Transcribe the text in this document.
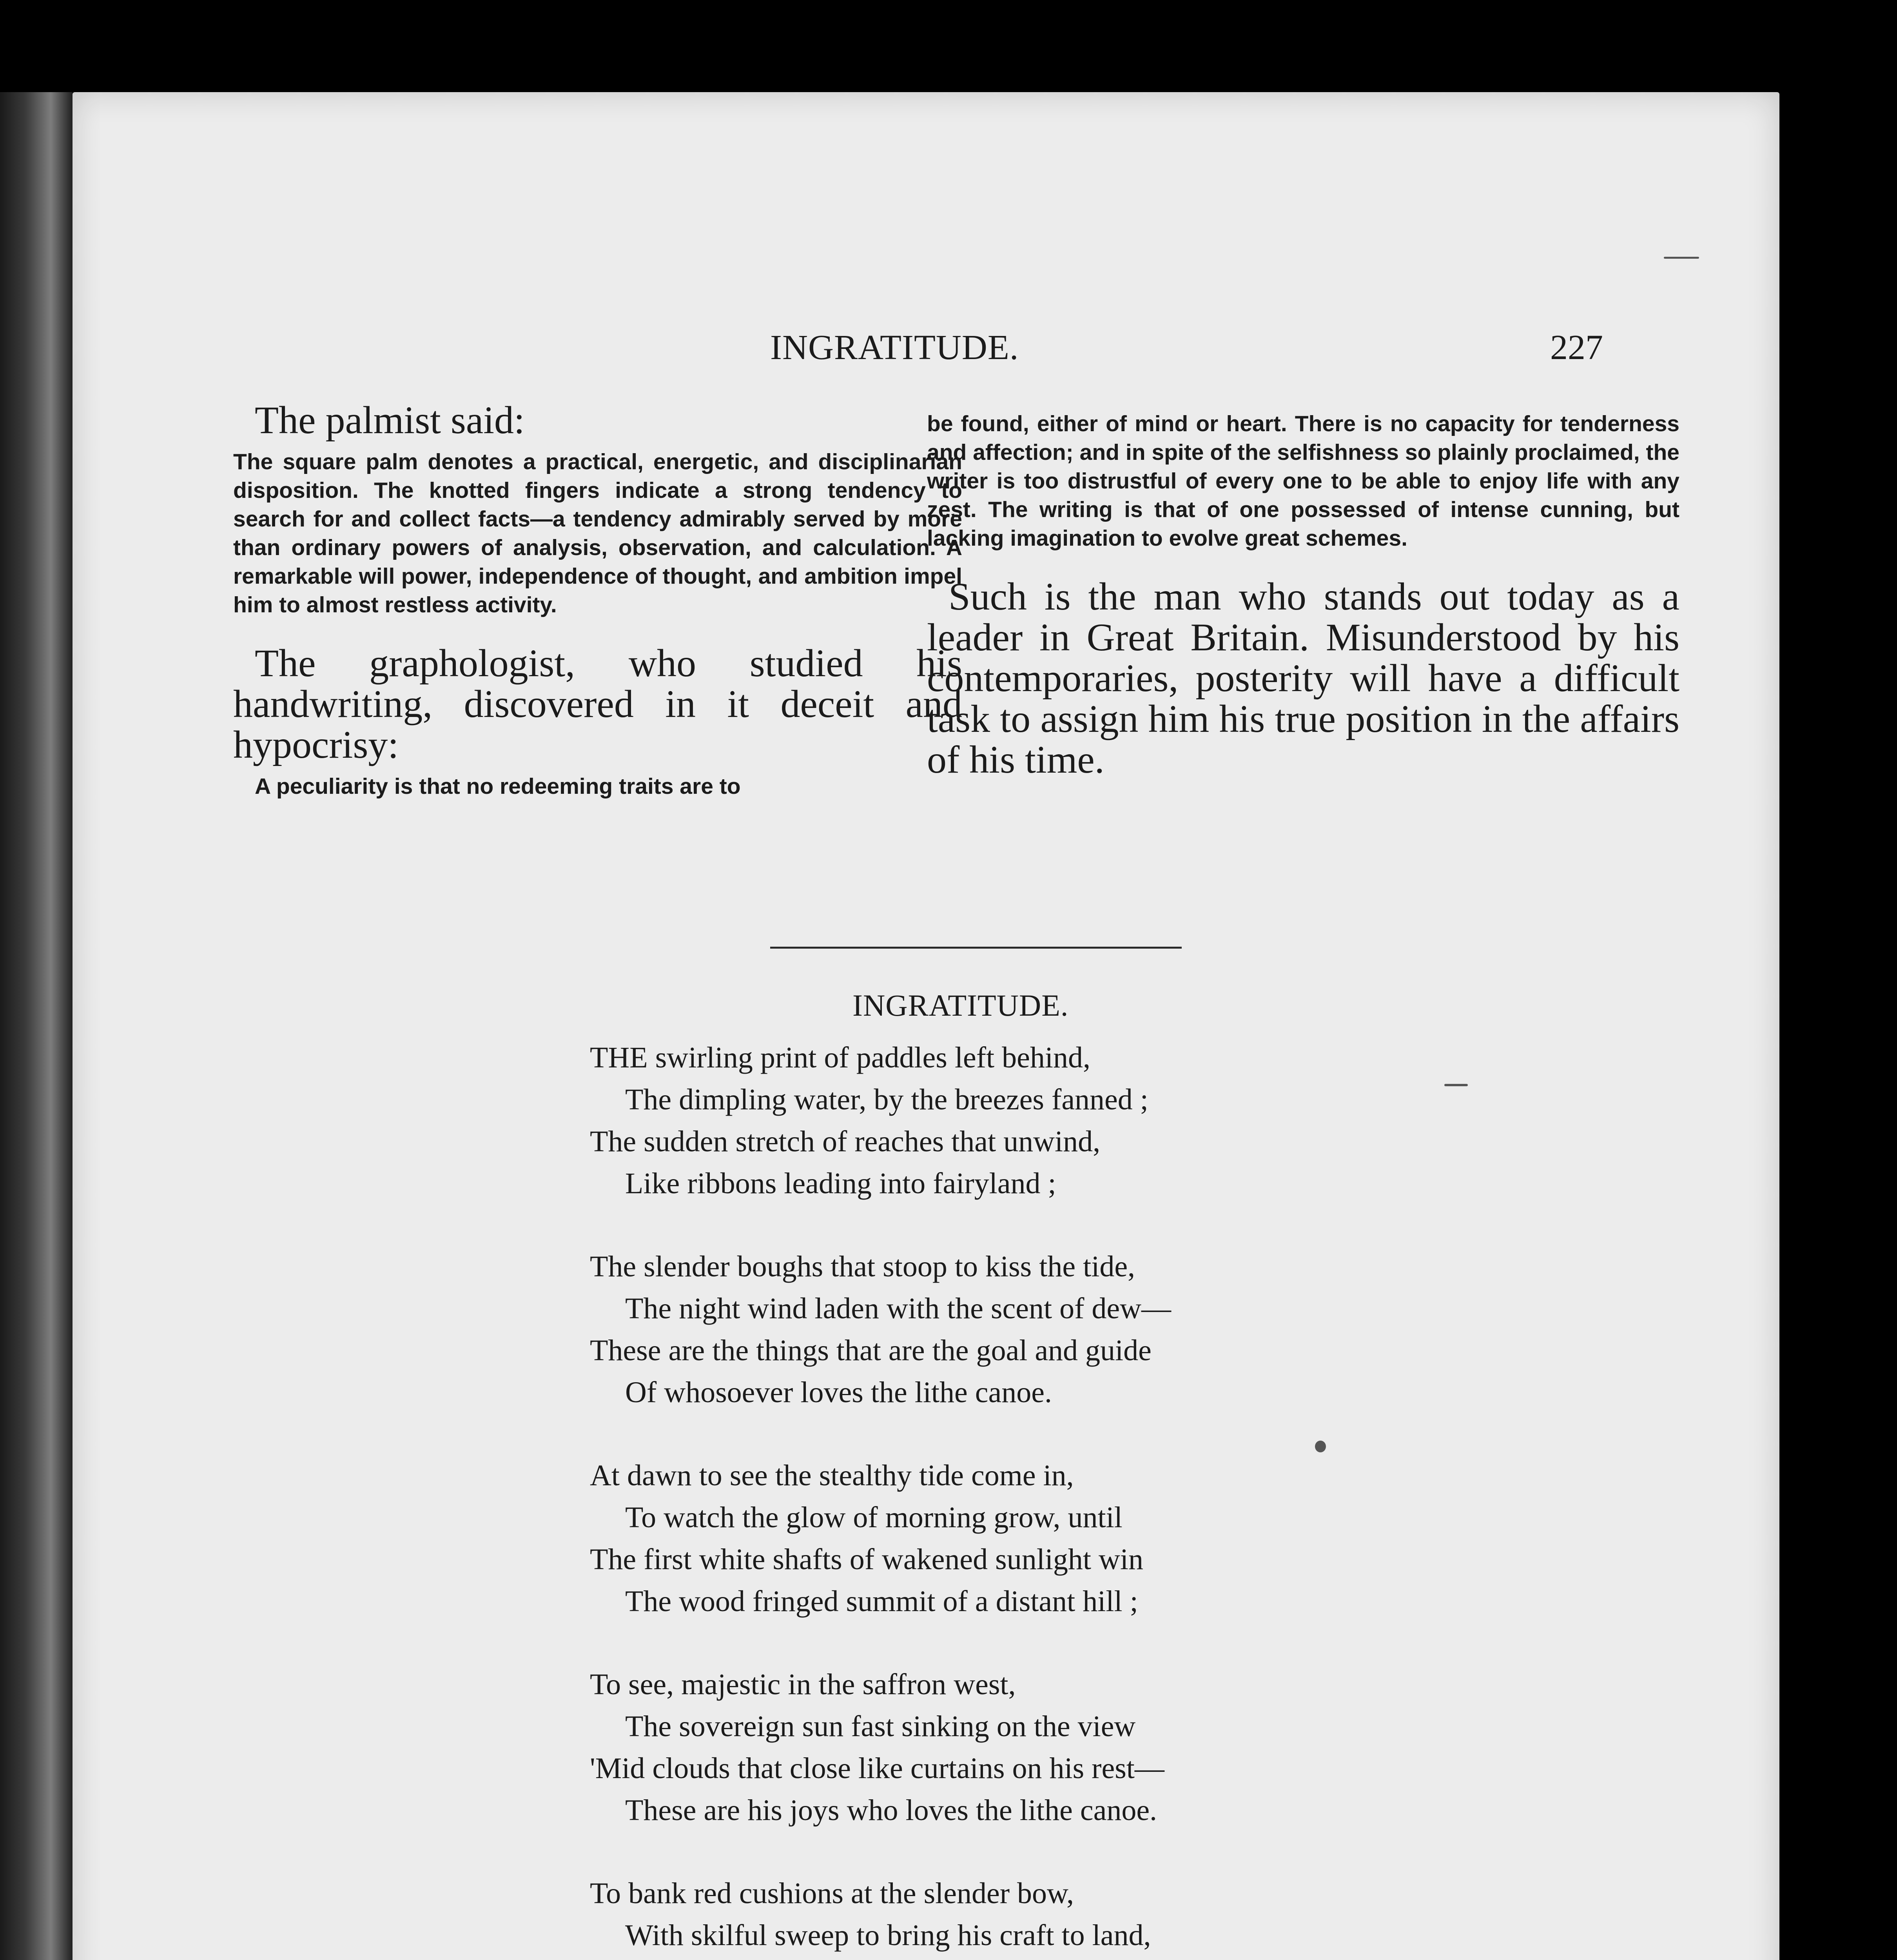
INGRATITUDE.	227

The palmist said:

The square palm denotes a practical, energetic, and disciplinarian disposition. The knotted fingers indicate a strong tendency to search for and collect facts—a tendency admirably served by more than ordinary powers of analysis, observation, and calculation. A remarkable will power, independence of thought, and ambition impel him to almost restless activity.

The graphologist, who studied his handwriting, discovered in it deceit and hypocrisy:

A peculiarity is that no redeeming traits are to

be found, either of mind or heart. There is no capacity for tenderness and affection; and in spite of the selfishness so plainly proclaimed, the writer is too distrustful of every one to be able to enjoy life with any zest. The writing is that of one possessed of intense cunning, but lacking imagination to evolve great schemes.

Such is the man who stands out today as a leader in Great Britain. Misunderstood by his contemporaries, posterity will have a difficult task to assign him his true position in the affairs of his time.

INGRATITUDE.
THE swirling print of paddles left behind,
The dimpling water, by the breezes fanned ;
The sudden stretch of reaches that unwind,
Like ribbons leading into fairyland ;
The slender boughs that stoop to kiss the tide,
The night wind laden with the scent of dew—
These are the things that are the goal and guide
Of whosoever loves the lithe canoe.
At dawn to see the stealthy tide come in,
To watch the glow of morning grow, until
The first white shafts of wakened sunlight win
The wood fringed summit of a distant hill ;
To see, majestic in the saffron west,
The sovereign sun fast sinking on the view
'Mid clouds that close like curtains on his rest—
These are his joys who loves the lithe canoe.
To bank red cushions at the slender bow,
With skilful sweep to bring his craft to land,
